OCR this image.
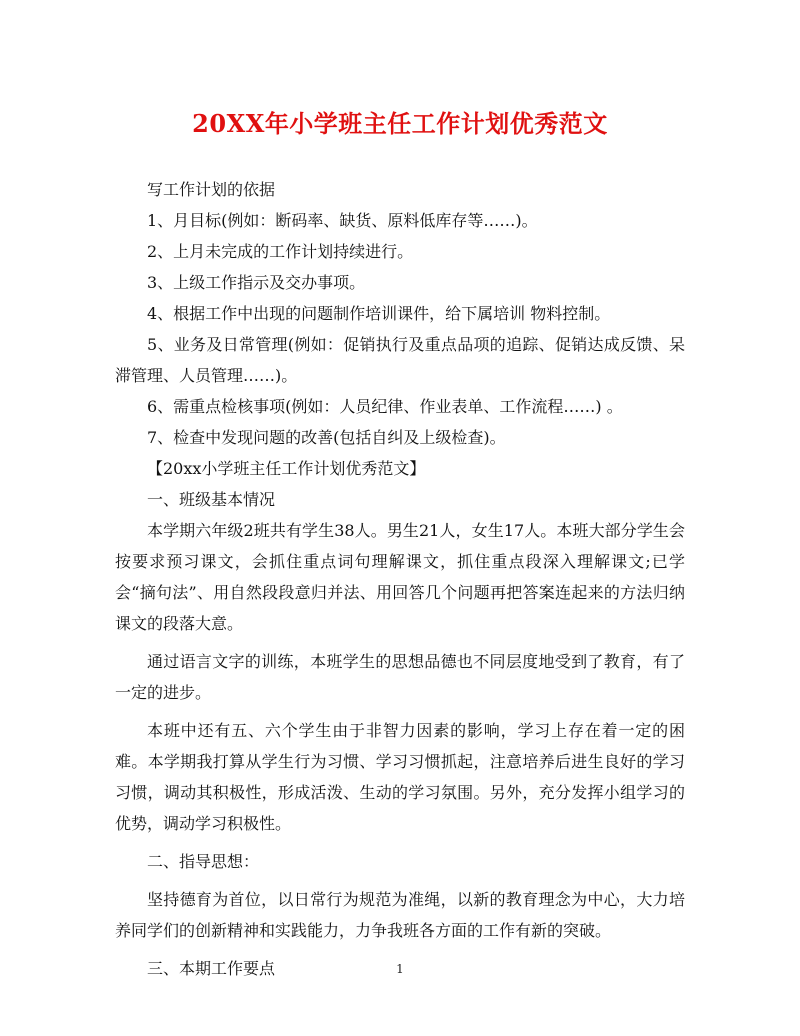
20XX年小学班主任工作计划优秀范文

写工作计划的依据

1、月目标(例如：断码率、缺货、原料低库存等……)。

2、上月未完成的工作计划持续进行。

3、上级工作指示及交办事项。

4、根据工作中出现的问题制作培训课件，给下属培训 物料控制。

5、业务及日常管理(例如：促销执行及重点品项的追踪、促销达成反馈、呆滞管理、人员管理……)。

6、需重点检核事项(例如：人员纪律、作业表单、工作流程……) 。

7、检查中发现问题的改善(包括自纠及上级检查)。

【20xx小学班主任工作计划优秀范文】

一、班级基本情况

本学期六年级2班共有学生38人。男生21人，女生17人。本班大部分学生会按要求预习课文，会抓住重点词句理解课文，抓住重点段深入理解课文;已学会“摘句法”、用自然段段意归并法、用回答几个问题再把答案连起来的方法归纳课文的段落大意。

通过语言文字的训练，本班学生的思想品德也不同层度地受到了教育，有了一定的进步。

本班中还有五、六个学生由于非智力因素的影响，学习上存在着一定的困难。本学期我打算从学生行为习惯、学习习惯抓起，注意培养后进生良好的学习习惯，调动其积极性，形成活泼、生动的学习氛围。另外，充分发挥小组学习的优势，调动学习积极性。

二、指导思想：

坚持德育为首位，以日常行为规范为准绳，以新的教育理念为中心，大力培养同学们的创新精神和实践能力，力争我班各方面的工作有新的突破。

三、本期工作要点	1
